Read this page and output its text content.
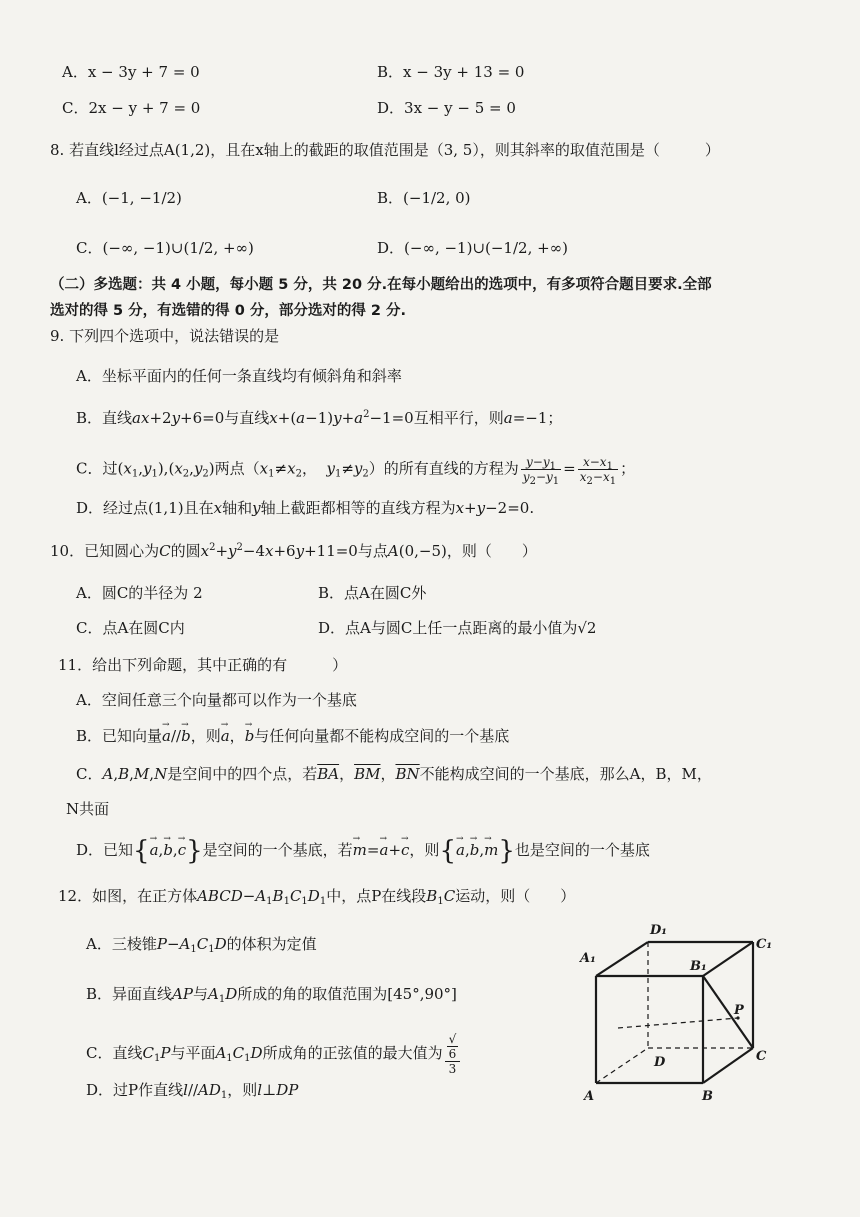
A．x − 3y + 7 = 0	B．x − 3y + 13 = 0
C．2x − y + 7 = 0	D．3x − y − 5 = 0
8. 若直线l经过点A(1,2)，且在x轴上的截距的取值范围是（3, 5），则其斜率的取值范围是（　　　）
A．(−1, −1/2)	B．(−1/2, 0)
C．(−∞, −1)∪(1/2, +∞)	D．(−∞, −1)∪(−1/2, +∞)
（二）多选题：共 4 小题，每小题 5 分，共 20 分.在每小题给出的选项中，有多项符合题目要求.全部
选对的得 5 分，有选错的得 0 分，部分选对的得 2 分.
9. 下列四个选项中，说法错误的是
A．坐标平面内的任何一条直线均有倾斜角和斜率
B．直线ax+2y+6=0与直线$x+(a-1)y+a^2-1=0$互相平行，则a=−1；
C．过$(x_1,y_1),(x_2,y_2)$两点（$x_1\ne x_2$，  $y_1\ne y_2$）的所有直线的方程为 $\frac{y-y_1}{y_2-y_1} = \frac{x-x_1}{x_2-x_1}$ ；
D．经过点(1,1)且在x轴和y轴上截距都相等的直线方程为x+y−2=0.
10．已知圆心为C的圆$x^2+y^2-4x+6y+11=0$与点A(0,−5)，则（　　）
A．圆C的半径为 2	B．点A在圆C外
C．点A在圆C内	D．点A与圆C上任一点距离的最小值为√2
11．给出下列命题，其中正确的有　　　）
A．空间任意三个向量都可以作为一个基底
B．已知向量→ a//→ b，则→ a，→ b与任何向量都不能构成空间的一个基底
C．A,B,M,N是空间中的四个点，若$\overline{BA}$，$\overline{BM}$，$\overline{BN}$不能构成空间的一个基底，那么A，B，M，
N共面
D．已知{→ a,→ b,→ c}是空间的一个基底，若→ m=→ a+→ c，则{→ a,→ b,→ m}也是空间的一个基底
12．如图，在正方体$ABCD-A_1B_1C_1D_1$中，点P在线段$B_1C$运动，则（　　）
A．三棱锥$P-A_1C_1D$的体积为定值
B．异面直线AP与$A_1D$所成的角的取值范围为[45°,90°]
C．直线$C_1P$与平面$A_1C_1D$所成角的正弦值的最大值为 √
6
3
D．过P作直线$l//AD_1$，则l⊥DP	A	B
C
D
A₁
B₁
C₁
D₁
P
